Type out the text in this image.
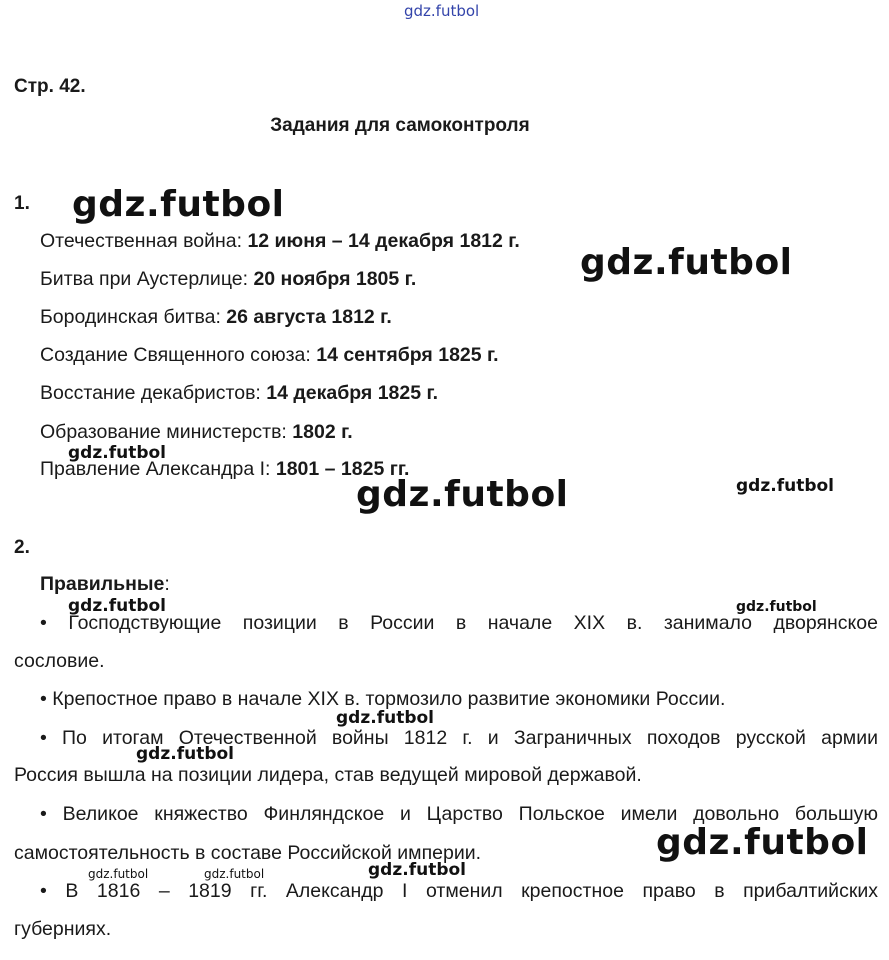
gdz.futbol
Стр. 42.
Задания для самоконтроля
1.
Отечественная война: 12 июня – 14 декабря 1812 г.
Битва при Аустерлице: 20 ноября 1805 г.
Бородинская битва: 26 августа 1812 г.
Создание Священного союза: 14 сентября 1825 г.
Восстание декабристов: 14 декабря 1825 г.
Образование министерств: 1802 г.
Правление Александра I: 1801 – 1825 гг.
2.
Правильные:
• Господствующие позиции в России в начале XIX в. занимало дворянское
сословие.
• Крепостное право в начале XIX в. тормозило развитие экономики России.
• По итогам Отечественной войны 1812 г. и Заграничных походов русской армии
Россия вышла на позиции лидера, став ведущей мировой державой.
• Великое княжество Финляндское и Царство Польское имели довольно большую
самостоятельность в составе Российской империи.
• В 1816 – 1819 гг. Александр I отменил крепостное право в прибалтийских
губерниях.
gdz.futbol
gdz.futbol
gdz.futbol
gdz.futbol	gdz.futbol
gdz.futbol	gdz.futbol
gdz.futbol
gdz.futbol
gdz.futbol
gdz.futbol	gdz.futbol	gdz.futbol
